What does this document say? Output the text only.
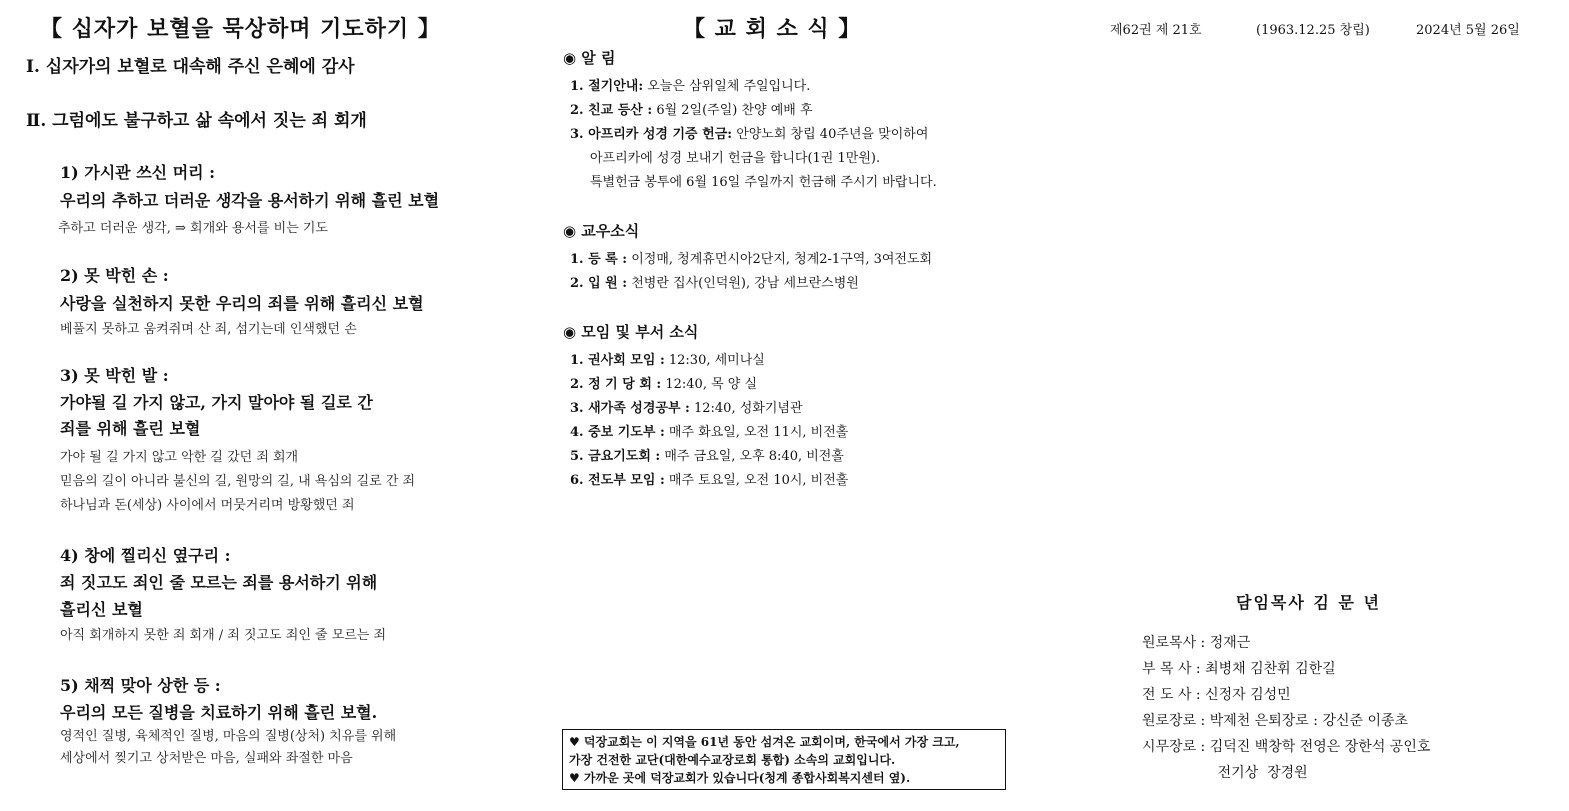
【 십자가 보혈을 묵상하며 기도하기 】
Ⅰ. 십자가의 보혈로 대속해 주신 은혜에 감사
Ⅱ. 그럼에도 불구하고 삶 속에서 짓는 죄 회개
1) 가시관 쓰신 머리 :
우리의 추하고 더러운 생각을 용서하기 위해 흘린 보혈
추하고 더러운 생각, ⇒ 회개와 용서를 비는 기도
2) 못 박힌 손 :
사랑을 실천하지 못한 우리의 죄를 위해 흘리신 보혈
베풀지 못하고 움켜쥐며 산 죄, 섬기는데 인색했던 손
3) 못 박힌 발 :
가야될 길 가지 않고, 가지 말아야 될 길로 간
죄를 위해 흘린 보혈
가야 될 길 가지 않고 악한 길 갔던 죄 회개
믿음의 길이 아니라 불신의 길, 원망의 길, 내 욕심의 길로 간 죄
하나님과 돈(세상) 사이에서 머뭇거리며 방황했던 죄
4) 창에 찔리신 옆구리 :
죄 짓고도 죄인 줄 모르는 죄를 용서하기 위해
흘리신 보혈
아직 회개하지 못한 죄 회개 / 죄 짓고도 죄인 줄 모르는 죄
5) 채찍 맞아 상한 등 :
우리의 모든 질병을 치료하기 위해 흘린 보혈.
영적인 질병, 육체적인 질병, 마음의 질병(상처) 치유를 위해
세상에서 찢기고 상처받은 마음, 실패와 좌절한 마음
【 교 회 소 식 】
◉ 알 림
1. 절기안내: 오늘은 삼위일체 주일입니다.
2. 친교 등산 : 6월 2일(주일) 찬양 예배 후
3. 아프리카 성경 기증 헌금: 안양노회 창립 40주년을 맞이하여
아프리카에 성경 보내기 헌금을 합니다(1권 1만원).
특별헌금 봉투에 6월 16일 주일까지 헌금해 주시기 바랍니다.
◉ 교우소식
1. 등 록 : 이정매, 청계휴먼시아2단지, 청계2-1구역, 3여전도회
2. 입 원 : 천병란 집사(인덕원), 강남 세브란스병원
◉ 모임 및 부서 소식
1. 권사회 모임 : 12:30, 세미나실
2. 정 기 당 회 : 12:40, 목 양 실
3. 새가족 성경공부 : 12:40, 성화기념관
4. 중보 기도부 : 매주 화요일, 오전 11시, 비전홀
5. 금요기도회 : 매주 금요일, 오후 8:40, 비전홀
6. 전도부 모임 : 매주 토요일, 오전 10시, 비전홀
♥ 덕장교회는 이 지역을 61년 동안 섬겨온 교회이며, 한국에서 가장 크고,
가장 건전한 교단(대한예수교장로회 통합) 소속의 교회입니다.
♥ 가까운 곳에 덕장교회가 있습니다(청계 종합사회복지센터 옆).
제62권 제 21호	(1963.12.25 창립)	2024년 5월 26일
담임목사 김 문 년
원로목사 : 정재근
부 목 사 : 최병채 김찬휘 김한길
전 도 사 : 신정자 김성민
원로장로 : 박제천 은퇴장로 : 강신준 이종초
시무장로 : 김덕진 백창학 전영은 장한석 공인호
전기상  장경원
